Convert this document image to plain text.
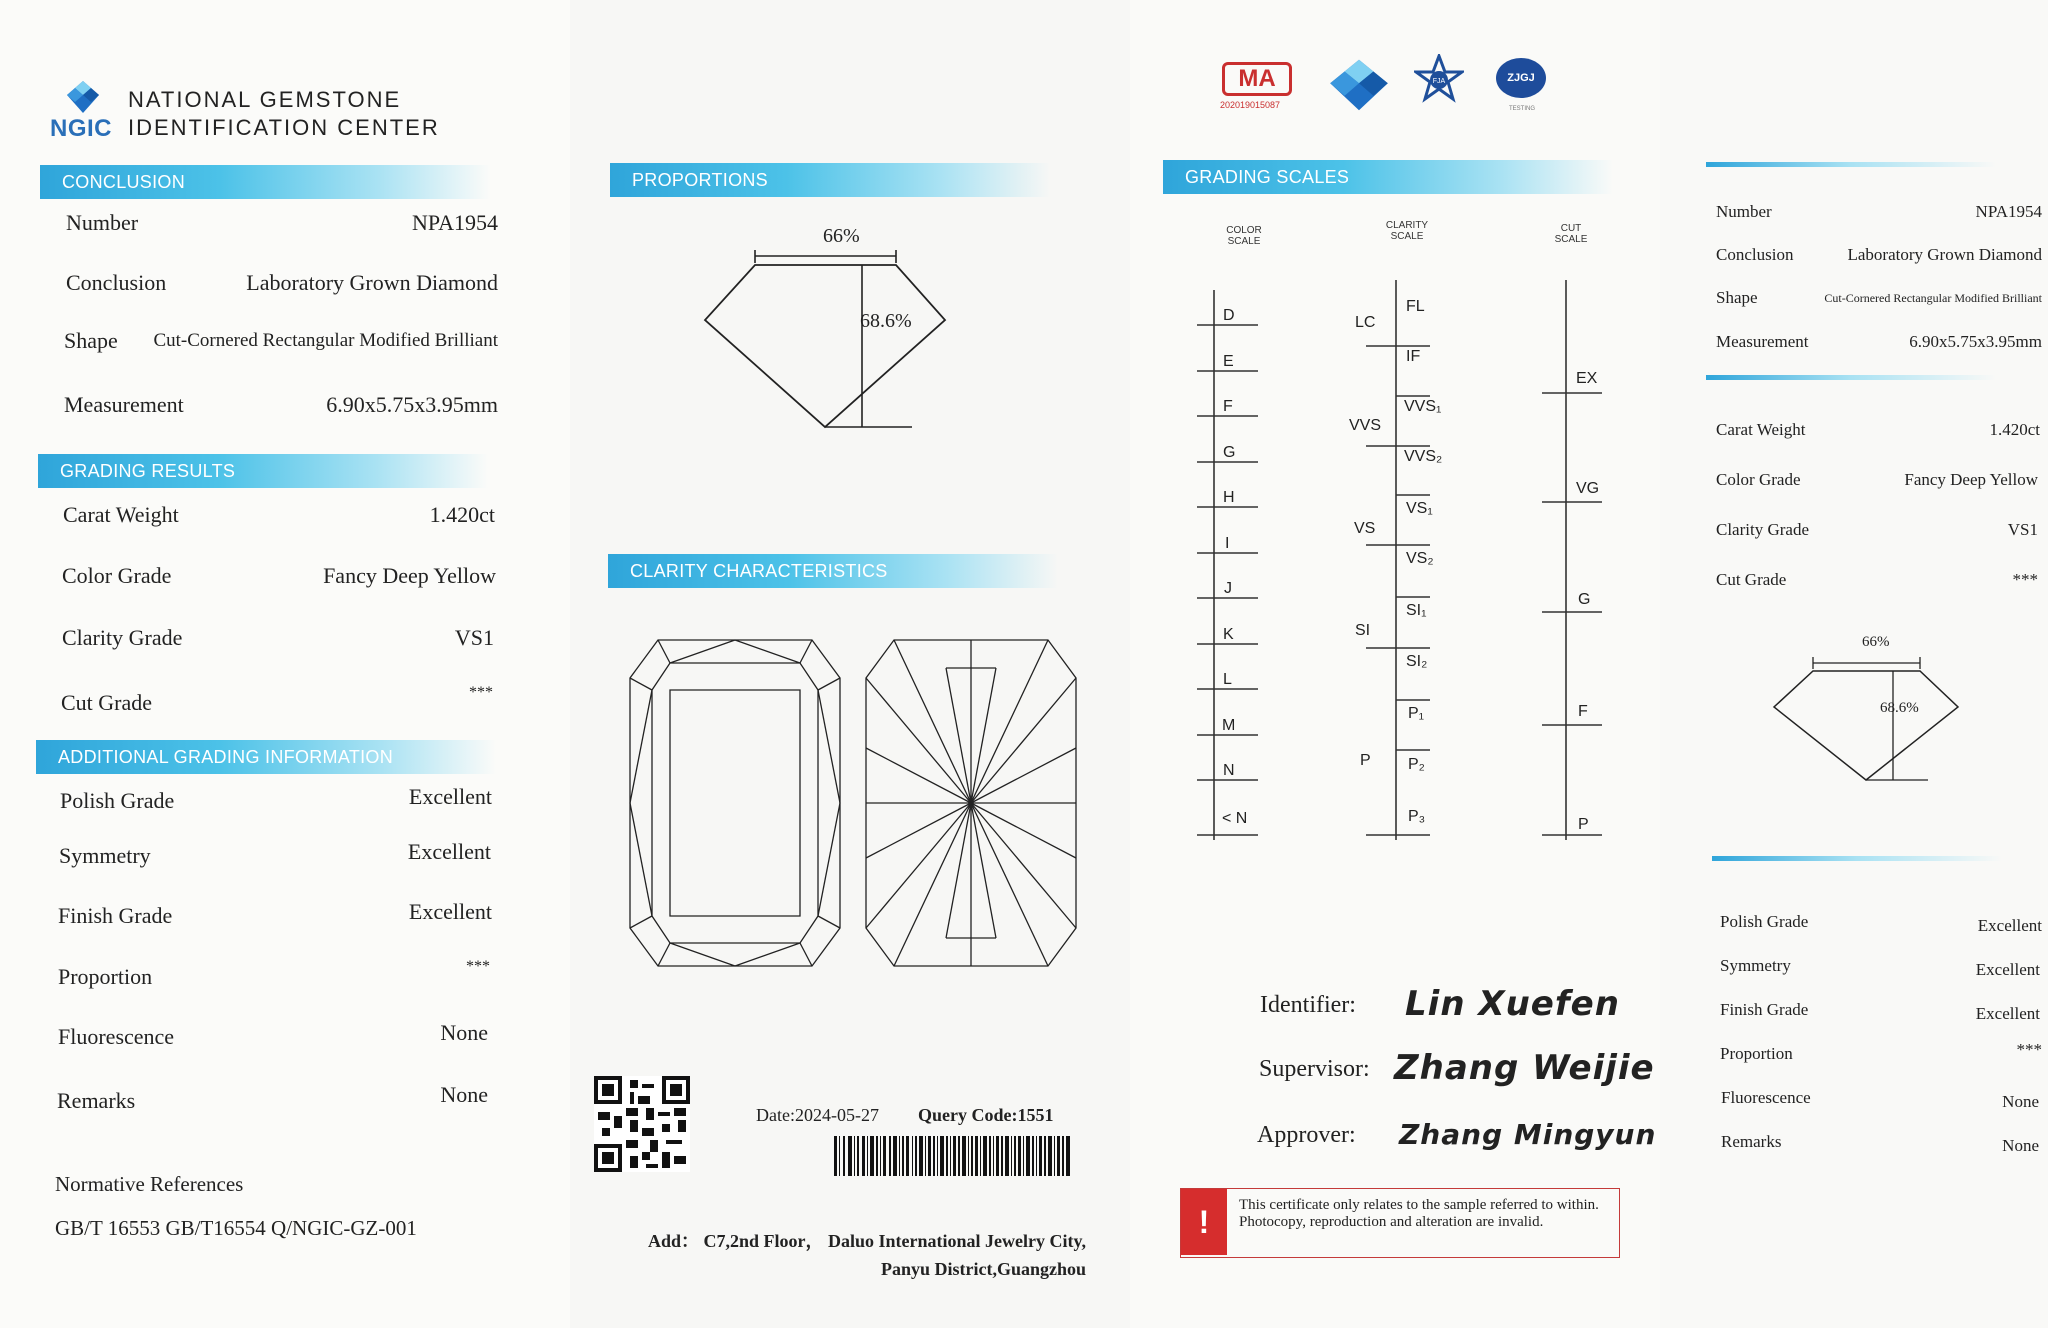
NGIC
NATIONAL GEMSTONE
IDENTIFICATION CENTER
CONCLUSION
Number	NPA1954
Conclusion	Laboratory Grown Diamond
Shape Cut-Cornered Rectangular Modified Brilliant
Measurement	6.90x5.75x3.95mm
GRADING RESULTS
Carat Weight	1.420ct
Color Grade	Fancy Deep Yellow
Clarity Grade	VS1
Cut Grade	***
ADDITIONAL GRADING INFORMATION
Polish Grade	Excellent
Symmetry	Excellent
Finish Grade	Excellent
Proportion	***
Fluorescence	None
Remarks	None
Normative References
GB/T 16553 GB/T16554 Q/NGIC-GZ-001
PROPORTIONS
66%
68.6%
CLARITY CHARACTERISTICS
Date:2024-05-27 Query Code:1551
Add： C7,2nd Floor， Daluo International Jewelry City,
Panyu District,Guangzhou
MA
202019015087
FJA	ZJGJ
TESTING
GRADING SCALES
COLOR
SCALE
CLARITY
SCALE
CUT
SCALE
D
E
F
G
H
I
J
K
L
M
N
< N
LC
VVS
VS
SI
P
FL
IF
VVS₁
VVS₂
VS₁
VS₂
SI₁
SI₂
P₁
P₂
P₃
EX
VG
G
F
P
Identifier: Lin Xuefen
Supervisor: Zhang Weijie
Approver: Zhang Mingyun
!	This certificate only relates to the sample referred to within. Photocopy, reproduction and alteration are invalid.
Number	NPA1954
Conclusion	Laboratory Grown Diamond
Shape	Cut-Cornered Rectangular Modified Brilliant
Measurement	6.90x5.75x3.95mm
Carat Weight	1.420ct
Color Grade	Fancy Deep Yellow
Clarity Grade	VS1
Cut Grade	***
66%
68.6%
Polish Grade	Excellent
Symmetry	Excellent
Finish Grade	Excellent
Proportion	***
Fluorescence	None
Remarks	None
